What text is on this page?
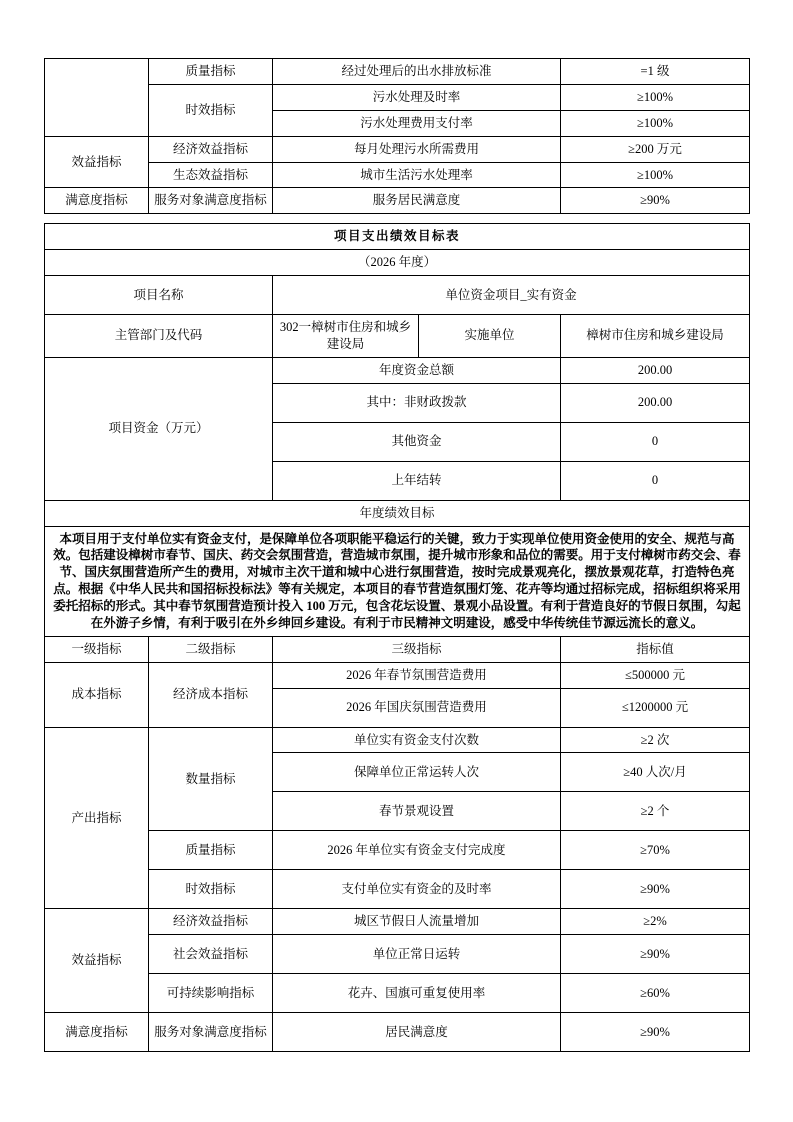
	质量指标	经过处理后的出水排放标准	=1 级
	时效指标	污水处理及时率	≥100%
		污水处理费用支付率	≥100%
效益指标	经济效益指标	每月处理污水所需费用	≥200 万元
	生态效益指标	城市生活污水处理率	≥100%
满意度指标	服务对象满意度指标	服务居民满意度	≥90%
项目支出绩效目标表				
（2026 年度）				
项目名称		单位资金项目_实有资金		
主管部门及代码		302一樟树市住房和城乡建设局	实施单位	樟树市住房和城乡建设局
项目资金（万元）		年度资金总额		200.00
		其中：非财政拨款		200.00
		其他资金		0
		上年结转		0
年度绩效目标				
本项目用于支付单位实有资金支付，是保障单位各项职能平稳运行的关键，致力于实现单位使用资金使用的安全、规范与高效。包括建设樟树市春节、国庆、药交会氛围营造，营造城市氛围，提升城市形象和品位的需要。用于支付樟树市药交会、春节、国庆氛围营造所产生的费用，对城市主次干道和城中心进行氛围营造，按时完成景观亮化，摆放景观花草，打造特色亮点。根据《中华人民共和国招标投标法》等有关规定，本项目的春节营造氛围灯笼、花卉等均通过招标完成，招标组织将采用委托招标的形式。其中春节氛围营造预计投入 100 万元，包含花坛设置、景观小品设置。有利于营造良好的节假日氛围，勾起在外游子乡情，有利于吸引在外乡绅回乡建设。有利于市民精神文明建设，感受中华传统佳节源远流长的意义。				
一级指标	二级指标	三级指标		指标值
成本指标	经济成本指标	2026 年春节氛围营造费用		≤500000 元
		2026 年国庆氛围营造费用		≤1200000 元
产出指标	数量指标	单位实有资金支付次数		≥2 次
		保障单位正常运转人次		≥40 人次/月
		春节景观设置		≥2 个
	质量指标	2026 年单位实有资金支付完成度		≥70%
	时效指标	支付单位实有资金的及时率		≥90%
效益指标	经济效益指标	城区节假日人流量增加		≥2%
	社会效益指标	单位正常日运转		≥90%
	可持续影响指标	花卉、国旗可重复使用率		≥60%
满意度指标	服务对象满意度指标	居民满意度		≥90%
